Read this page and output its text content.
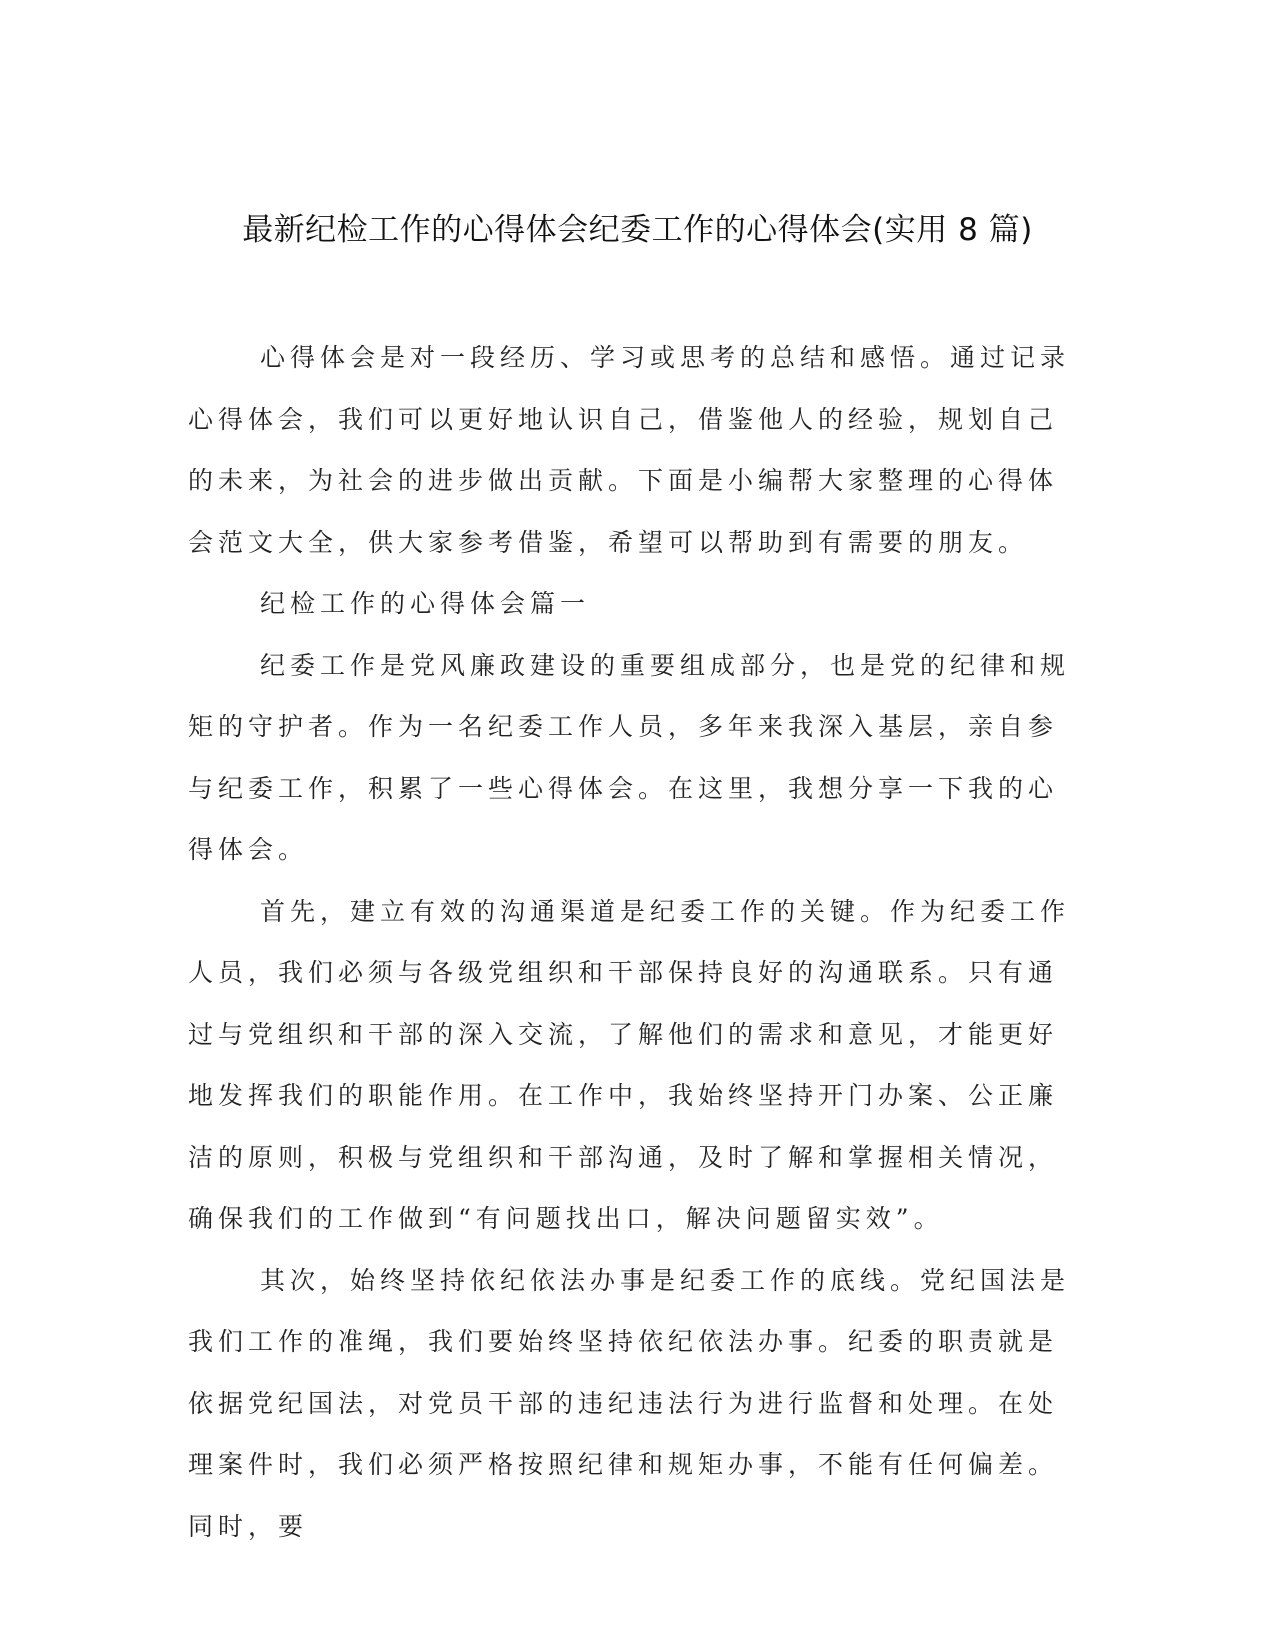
最新纪检工作的心得体会纪委工作的心得体会(实用 8 篇)

心得体会是对一段经历、学习或思考的总结和感悟。通过记录心得体会，我们可以更好地认识自己，借鉴他人的经验，规划自己的未来，为社会的进步做出贡献。下面是小编帮大家整理的心得体会范文大全，供大家参考借鉴，希望可以帮助到有需要的朋友。

纪检工作的心得体会篇一

纪委工作是党风廉政建设的重要组成部分，也是党的纪律和规矩的守护者。作为一名纪委工作人员，多年来我深入基层，亲自参与纪委工作，积累了一些心得体会。在这里，我想分享一下我的心得体会。

首先，建立有效的沟通渠道是纪委工作的关键。作为纪委工作人员，我们必须与各级党组织和干部保持良好的沟通联系。只有通过与党组织和干部的深入交流，了解他们的需求和意见，才能更好地发挥我们的职能作用。在工作中，我始终坚持开门办案、公正廉洁的原则，积极与党组织和干部沟通，及时了解和掌握相关情况，确保我们的工作做到“有问题找出口，解决问题留实效”。

其次，始终坚持依纪依法办事是纪委工作的底线。党纪国法是我们工作的准绳，我们要始终坚持依纪依法办事。纪委的职责就是依据党纪国法，对党员干部的违纪违法行为进行监督和处理。在处理案件时，我们必须严格按照纪律和规矩办事，不能有任何偏差。同时，要
